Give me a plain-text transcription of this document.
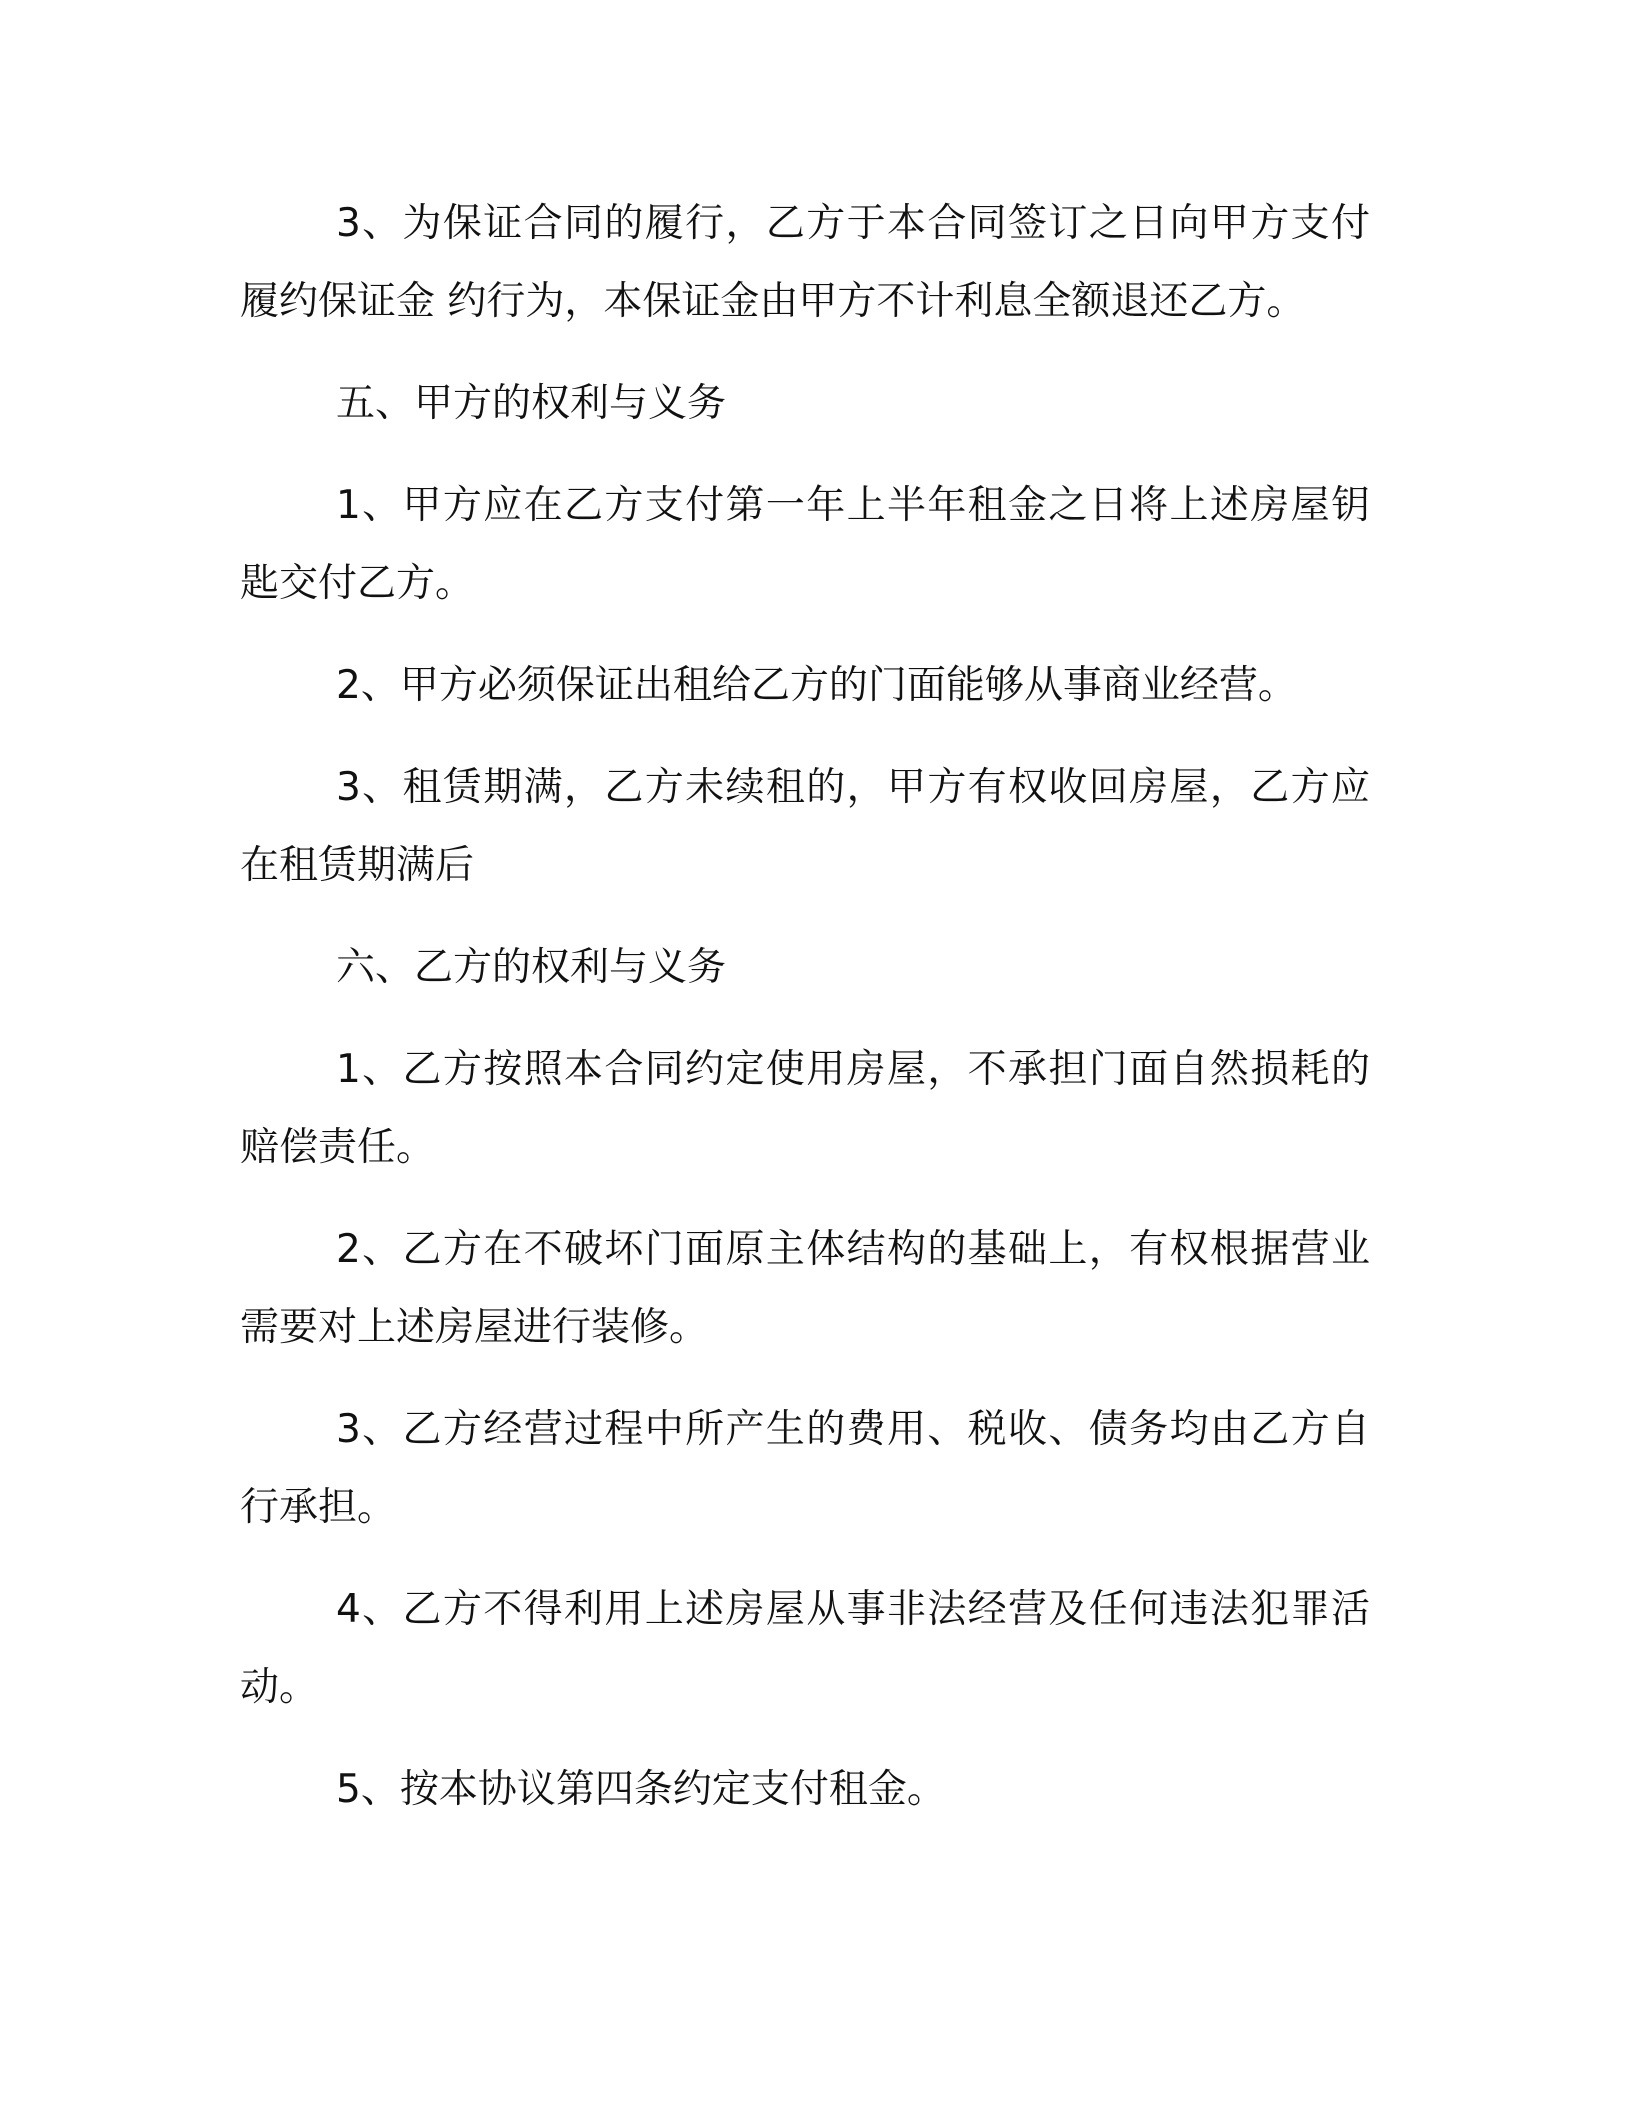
3、为保证合同的履行，乙方于本合同签订之日向甲方支付履约保证金 约行为，本保证金由甲方不计利息全额退还乙方。

五、甲方的权利与义务

1、甲方应在乙方支付第一年上半年租金之日将上述房屋钥匙交付乙方。

2、甲方必须保证出租给乙方的门面能够从事商业经营。

3、租赁期满，乙方未续租的，甲方有权收回房屋，乙方应在租赁期满后

六、乙方的权利与义务

1、乙方按照本合同约定使用房屋，不承担门面自然损耗的赔偿责任。

2、乙方在不破坏门面原主体结构的基础上，有权根据营业需要对上述房屋进行装修。

3、乙方经营过程中所产生的费用、税收、债务均由乙方自行承担。

4、乙方不得利用上述房屋从事非法经营及任何违法犯罪活动。

5、按本协议第四条约定支付租金。
